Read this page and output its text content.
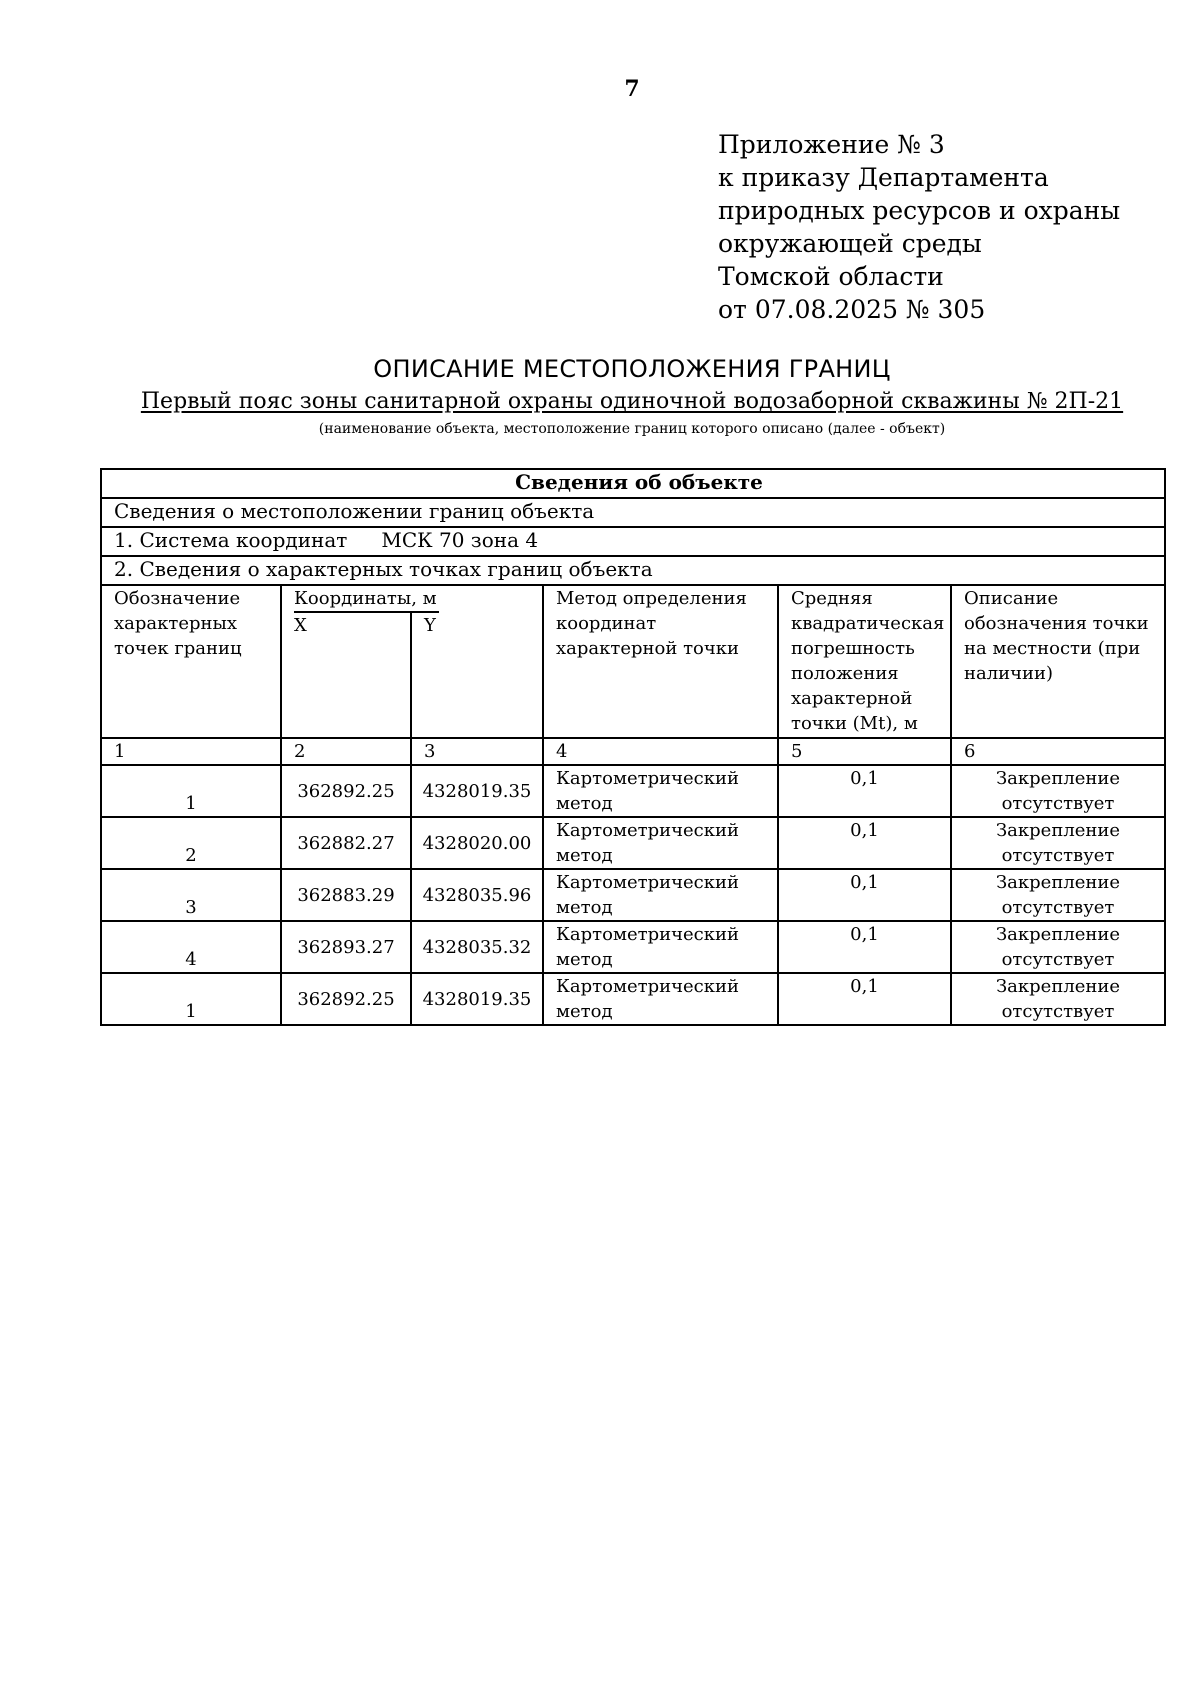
7
Приложение № 3
к приказу Департамента
природных ресурсов и охраны
окружающей среды
Томской области
от 07.08.2025 № 305
ОПИСАНИЕ МЕСТОПОЛОЖЕНИЯ ГРАНИЦ
Первый пояс зоны санитарной охраны одиночной водозаборной скважины № 2П-21
(наименование объекта, местоположение границ которого описано (далее - объект)
Сведения об объекте					
Сведения о местоположении границ объекта					
1. Система координат МСК 70 зона 4					
2. Сведения о характерных точках границ объекта					
Обозначение характерных точек границ	Координаты, м		Метод определения координат характерной точки	Средняя квадратическая погрешность положения характерной точки (Mt), м	Описание обозначения точки на местности (при наличии)
	X	Y			
1	2	3	4	5	6
1	362892.25	4328019.35	Картометрический метод	0,1	Закрепление отсутствует
2	362882.27	4328020.00	Картометрический метод	0,1	Закрепление отсутствует
3	362883.29	4328035.96	Картометрический метод	0,1	Закрепление отсутствует
4	362893.27	4328035.32	Картометрический метод	0,1	Закрепление отсутствует
1	362892.25	4328019.35	Картометрический метод	0,1	Закрепление отсутствует
